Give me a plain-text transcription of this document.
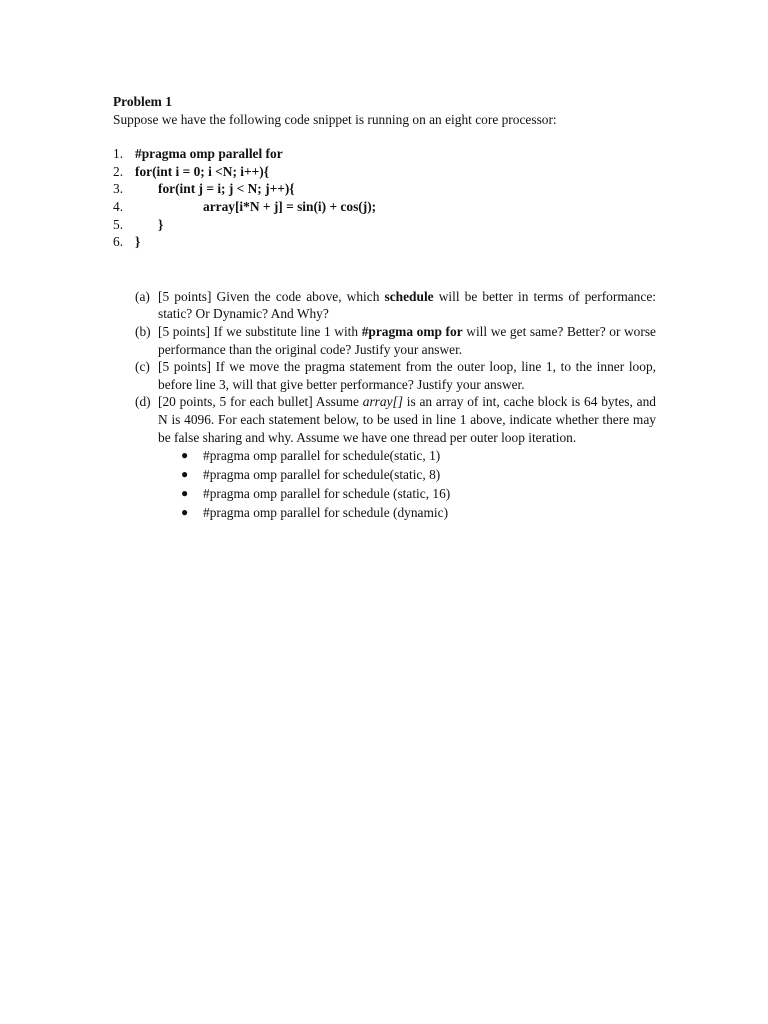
Problem 1
Suppose we have the following code snippet is running on an eight core processor:
1. #pragma omp parallel for
2. for(int i = 0; i <N; i++){
3.	for(int j = i; j < N; j++){
4.	array[i*N + j] = sin(i) + cos(j);
5.	}
6. }
(a) [5 points] Given the code above, which schedule will be better in terms of performance: static? Or Dynamic? And Why?
(b) [5 points] If we substitute line 1 with #pragma omp for will we get same? Better? or worse performance than the original code? Justify your answer.
(c) [5 points] If we move the pragma statement from the outer loop, line 1, to the inner loop, before line 3, will that give better performance? Justify your answer.
(d) [20 points, 5 for each bullet] Assume array[] is an array of int, cache block is 64 bytes, and N is 4096. For each statement below, to be used in line 1 above, indicate whether there may be false sharing and why. Assume we have one thread per outer loop iteration.
●	#pragma omp parallel for schedule(static, 1)
●	#pragma omp parallel for schedule(static, 8)
●	#pragma omp parallel for schedule (static, 16)
●	#pragma omp parallel for schedule (dynamic)
